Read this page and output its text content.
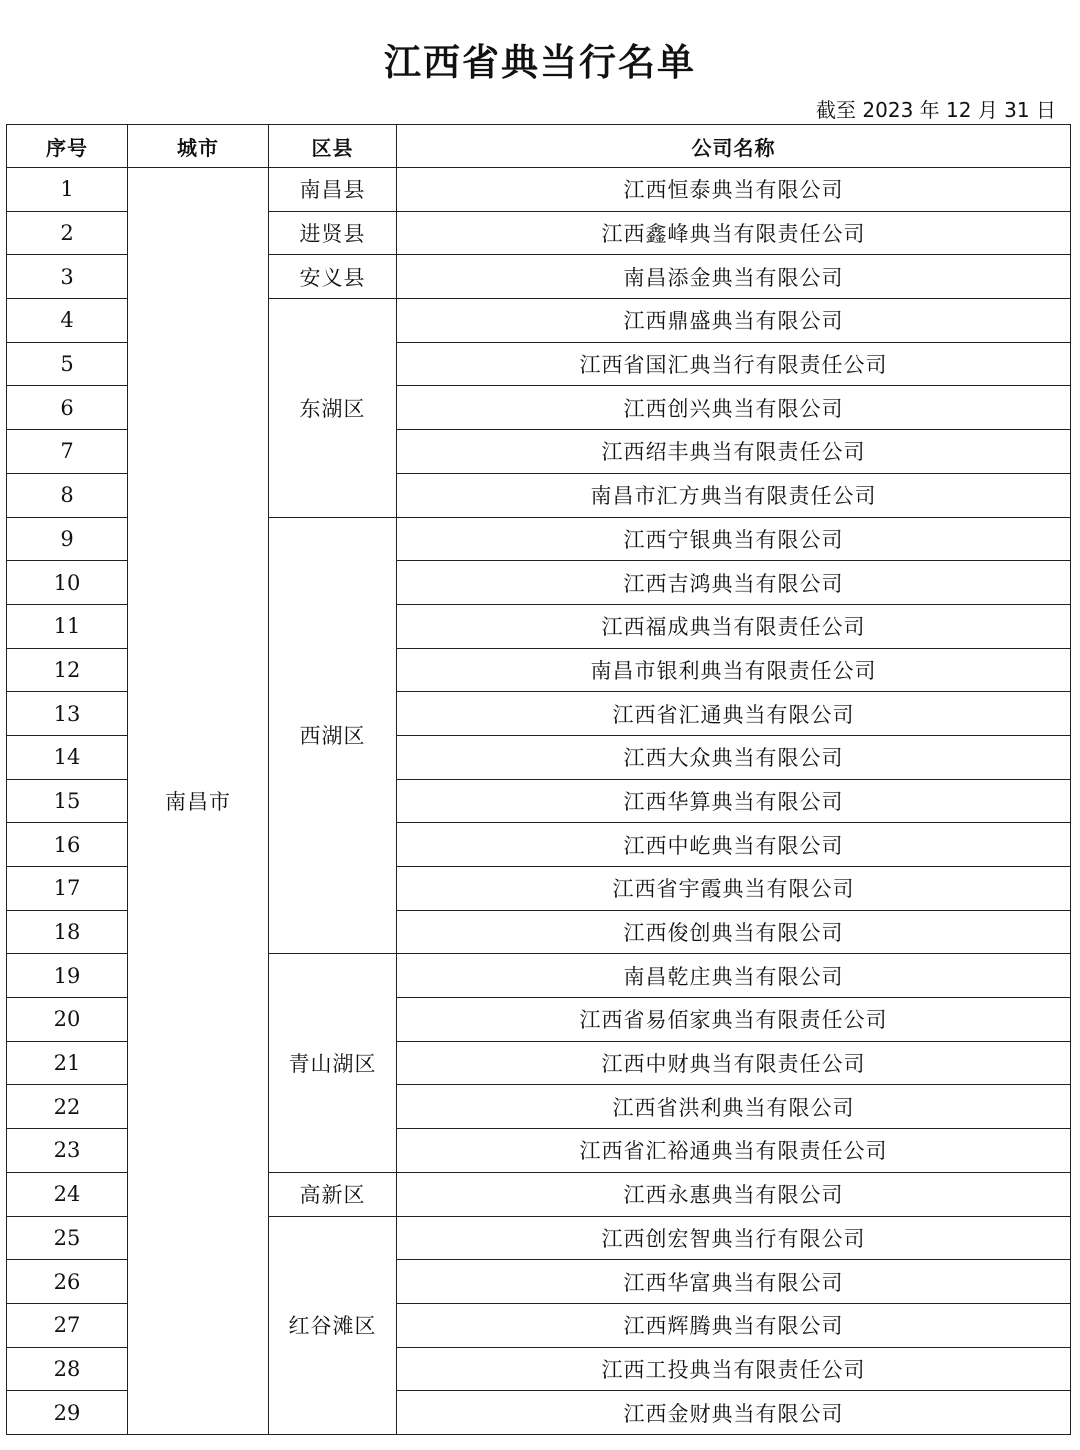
江西省典当行名单
截至 2023 年 12 月 31 日
序号	城市	区县	公司名称
1	南昌市	南昌县	江西恒泰典当有限公司
2		进贤县	江西鑫峰典当有限责任公司
3		安义县	南昌添金典当有限公司
4		东湖区	江西鼎盛典当有限公司
5			江西省国汇典当行有限责任公司
6			江西创兴典当有限公司
7			江西绍丰典当有限责任公司
8			南昌市汇方典当有限责任公司
9		西湖区	江西宁银典当有限公司
10			江西吉鸿典当有限公司
11			江西福成典当有限责任公司
12			南昌市银利典当有限责任公司
13			江西省汇通典当有限公司
14			江西大众典当有限公司
15			江西华算典当有限公司
16			江西中屹典当有限公司
17			江西省宇霞典当有限公司
18			江西俊创典当有限公司
19		青山湖区	南昌乾庄典当有限公司
20			江西省易佰家典当有限责任公司
21			江西中财典当有限责任公司
22			江西省洪利典当有限公司
23			江西省汇裕通典当有限责任公司
24		高新区	江西永惠典当有限公司
25		红谷滩区	江西创宏智典当行有限公司
26			江西华富典当有限公司
27			江西辉腾典当有限公司
28			江西工投典当有限责任公司
29			江西金财典当有限公司
